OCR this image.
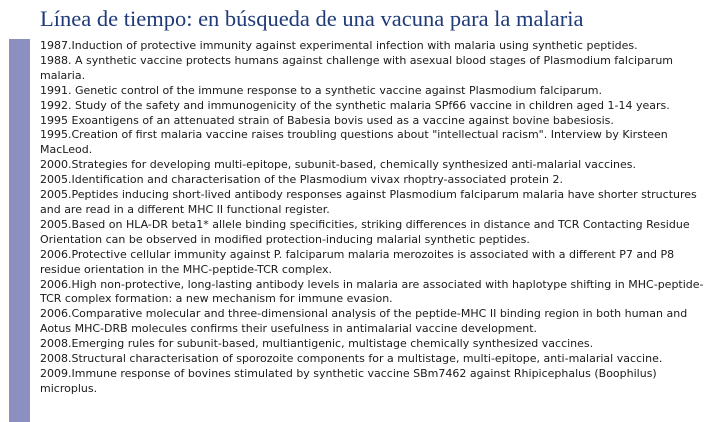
Línea de tiempo: en búsqueda de una vacuna para la malaria
1987.Induction of protective immunity against experimental infection with malaria using synthetic peptides.
1988. A synthetic vaccine protects humans against challenge with asexual blood stages of Plasmodium falciparum malaria.
1991. Genetic control of the immune response to a synthetic vaccine against Plasmodium falciparum.
1992. Study of the safety and immunogenicity of the synthetic malaria SPf66 vaccine in children aged 1-14 years.
1995 Exoantigens of an attenuated strain of Babesia bovis used as a vaccine against bovine babesiosis.
1995.Creation of first malaria vaccine raises troubling questions about "intellectual racism". Interview by Kirsteen MacLeod.
2000.Strategies for developing multi-epitope, subunit-based, chemically synthesized anti-malarial vaccines.
2005.Identification and characterisation of the Plasmodium vivax rhoptry-associated protein 2.
2005.Peptides inducing short-lived antibody responses against Plasmodium falciparum malaria have shorter structures and are read in a different MHC II functional register.
2005.Based on HLA-DR beta1* allele binding specificities, striking differences in distance and TCR Contacting Residue Orientation can be observed in modified protection-inducing malarial synthetic peptides.
2006.Protective cellular immunity against P. falciparum malaria merozoites is associated with a different P7 and P8 residue orientation in the MHC-peptide-TCR complex.
2006.High non-protective, long-lasting antibody levels in malaria are associated with haplotype shifting in MHC-peptide-TCR complex formation: a new mechanism for immune evasion.
2006.Comparative molecular and three-dimensional analysis of the peptide-MHC II binding region in both human and Aotus MHC-DRB molecules confirms their usefulness in antimalarial vaccine development.
2008.Emerging rules for subunit-based, multiantigenic, multistage chemically synthesized vaccines.
2008.Structural characterisation of sporozoite components for a multistage, multi-epitope, anti-malarial vaccine.
2009.Immune response of bovines stimulated by synthetic vaccine SBm7462 against Rhipicephalus (Boophilus) microplus.
